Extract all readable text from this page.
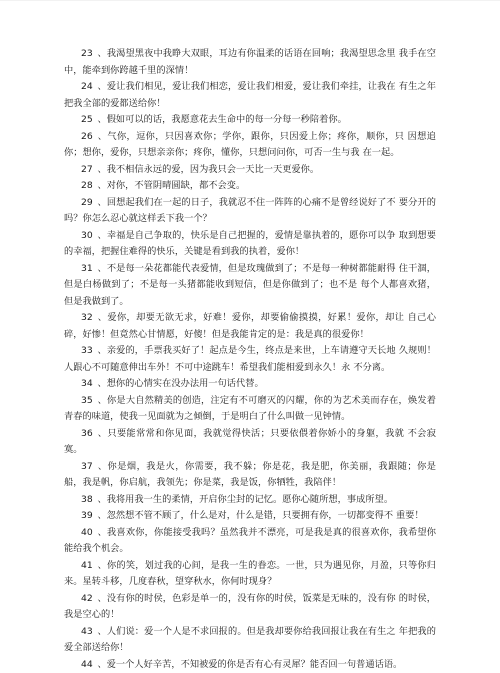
23  、我渴望黑夜中我睁大双眼，耳边有你温柔的话语在回响；我渴望思念里 我手在空中，能牵到你跨越千里的深情！

24  、爱让我们相见，爱让我们相恋，爱让我们相爱，爱让我们牵挂，让我在 有生之年把我全部的爱都送给你！

25  、假如可以的话，我愿意花去生命中的每一分每一秒陪着你。

26  、气你，逗你，只因喜欢你；学你，跟你，只因爱上你；疼你，顺你，只 因想追你；想你，爱你，只想亲亲你；疼你，懂你，只想问问你，可否一生与我 在一起。

27  、我不相信永远的爱，因为我只会一天比一天更爱你。

28  、对你，不管阴晴圆缺，都不会变。

29  、回想起我们在一起的日子，我就忍不住一阵阵的心痛不是曾经说好了不 要分开的吗？你怎么忍心就这样丢下我一个？

30  、幸福是自己争取的，快乐是自己把握的，爱情是靠执着的，愿你可以争 取到想要的幸福，把握住难得的快乐，关键是看到我的执着，爱你！

31  、不是每一朵花都能代表爱情，但是玫瑰做到了；不是每一种树都能耐得 住干涸，但是白杨做到了；不是每一头猪都能收到短信，但是你做到了；也不是 每个人都喜欢猪，但是我做到了。

32  、爱你，却要无欲无求，好难！爱你，却要偷偷摸摸，好累！爱你，却让 自己心碎，好惨！但竟然心甘情愿，好傻！但是我能肯定的是：我是真的很爱你！

33  、亲爱的，手票我买好了！起点是今生，终点是来世，上车请遵守天长地 久规则！人跟心不可随意伸出车外！不可中途跳车！希望我们能相爱到永久！永 不分离。

34  、想你的心情实在没办法用一句话代替。

35  、你是大自然精美的创造，注定有不可磨灭的闪耀，你的为艺术美而存在，焕发着青春的味道，使我一见面就为之倾倒，于是明白了什么叫做一见钟情。

36  、只要能常常和你见面，我就觉得快活；只要依偎着你娇小的身躯，我就 不会寂寞。

37  、你是烟，我是火，你需要，我不躲；你是花，我是肥，你美丽，我跟随；你是船，我是帆，你启航，我领先；你是菜，我是饭，你牺牲，我陪伴！

38  、我将用我一生的柔情，开启你尘封的记忆。愿你心随所想，事成所望。

39  、忽然想不管不顾了，什么是对，什么是错，只要拥有你，一切都变得不 重要！

40  、我喜欢你，你能接受我吗？虽然我并不漂亮，可是我是真的很喜欢你，我希望你能给我个机会。

41  、你的笑，划过我的心间，是我一生的眷恋。一世，只为遇见你，月盈，只等你归来。星转斗移，几度春秋，望穿秋水，你何时现身？

42  、没有你的时侯，色彩是单一的，没有你的时侯，饭菜是无味的，没有你 的时侯，我是空心的！

43  、人们说：爱一个人是不求回报的。但是我却要你给我回报让我在有生之 年把我的爱全部送给你！

44  、爱一个人好辛苦，不知被爱的你是否有心有灵犀？能否回一句普通话语。
